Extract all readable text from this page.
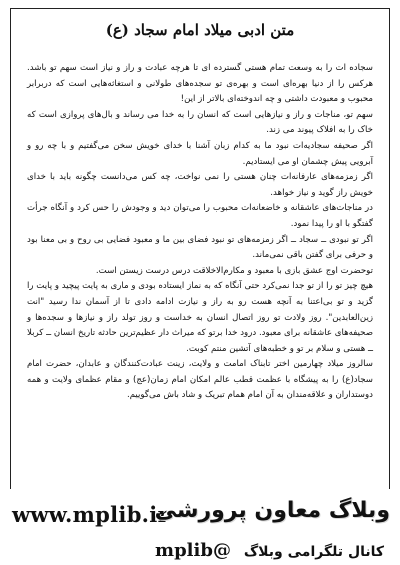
متن ادبی میلاد امام سجاد (ع)

سجاده ات را به وسعت تمام هستی گسترده ای تا هرچه عبادت و راز و نیاز است سهم تو باشد. هرکس را از دنیا بهره‌ای است و بهره‌ی تو سجده‌های طولانی و استغاثه‌هایی است که دربرابر محبوب و معبودت داشتی و چه اندوخته‌ای بالاتر از این!

سهم تو، مناجات و راز و نیازهایی است که انسان را به خدا می رساند و بال‌های پروازی است که خاک را به افلاک پیوند می زند.

اگر صحیفه سجادیه‌ات نبود ما به کدام زبان آشنا با خدای خویش سخن می‌گفتیم و با چه رو و آبرویی پیش چشمان او می ایستادیم.

اگر زمزمه‌های عارفانه‌ات چنان هستی را نمی نواخت، چه کس می‌دانست چگونه باید با خدای خویش راز گوید و نیاز خواهد.

در مناجات‌های عاشقانه و خاضعانه‌ات محبوب را می‌توان دید و وجودش را حس کرد و آنگاه جرأت گفتگو با او را پیدا نمود.

اگر تو نبودی ــ سجاد ــ اگر زمزمه‌های تو نبود فضای بین ما و معبود فضایی بی روح و بی معنا بود و حرفی برای گفتن باقی نمی‌ماند.

توحضرت اوج عشق بازی با معبود و مکارم‌الاخلاقت درس درست زیستن است.

هیچ چیز تو را از تو جدا نمی‌کرد حتی آنگاه که به نماز ایستاده بودی و ماری به پایت پیچید و پایت را گزید و تو بی‌اعتنا به آنچه هست رو به راز و نیازت ادامه دادی تا از آسمان ندا رسید "انت زین‌العابدین". روز ولادت تو روز اتصال انسان به خداست و روز تولد راز و نیازها و سجده‌ها و صحیفه‌های عاشقانه برای معبود. درود خدا برتو که میراث دار عظیم‌ترین حادثه تاریخ انسان ــ کربلا ــ هستی و سلام بر تو و خطبه‌های آتشین منتم کوبت.

سالروز میلاد چهارمین اختر تابناک امامت و ولایت، زینت عبادت‌کنندگان و عابدان، حضرت امام سجاد(ع) را به پیشگاه با عظمت قطب عالم امکان امام زمان(عج) و مقام عظمای ولایت و همه دوستداران و علاقه‌مندان به آن امام همام تبریک و شاد باش می‌گوییم.

www.mplib.ir
وبلاگ معاون پرورشی
کانال تلگرامی وبلاگ @mplib
